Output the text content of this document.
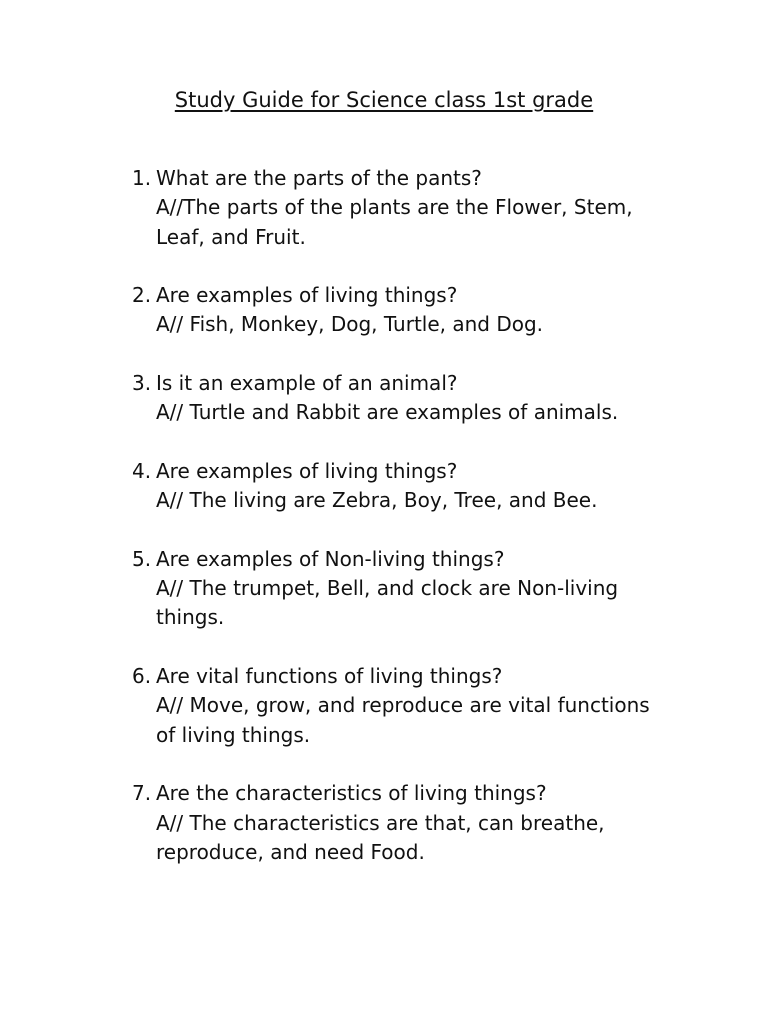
Study Guide for Science class 1st grade
1. What are the parts of the pants?
A//The parts of the plants are the Flower, Stem, Leaf, and Fruit.
2. Are examples of living things?
A// Fish, Monkey, Dog, Turtle, and Dog.
3. Is it an example of an animal?
A// Turtle and Rabbit are examples of animals.
4. Are examples of living things?
A// The living are Zebra, Boy, Tree, and Bee.
5. Are examples of Non-living things?
A// The trumpet, Bell, and clock are Non-living things.
6. Are vital functions of living things?
A// Move, grow, and reproduce are vital functions of living things.
7. Are the characteristics of living things?
A// The characteristics are that, can breathe, reproduce, and need Food.
